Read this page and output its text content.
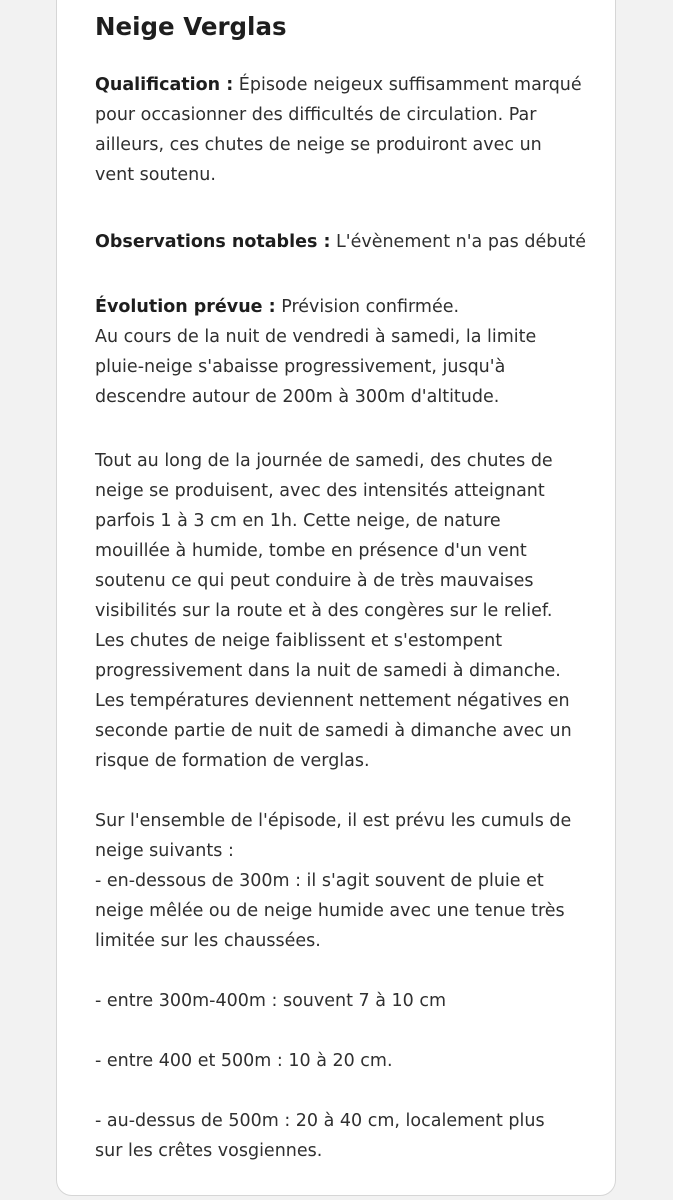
Neige Verglas

Qualification : Épisode neigeux suffisamment marqué
pour occasionner des difficultés de circulation. Par
ailleurs, ces chutes de neige se produiront avec un
vent soutenu.

Observations notables : L'évènement n'a pas débuté

Évolution prévue : Prévision confirmée.
Au cours de la nuit de vendredi à samedi, la limite
pluie-neige s'abaisse progressivement, jusqu'à
descendre autour de 200m à 300m d'altitude.

Tout au long de la journée de samedi, des chutes de
neige se produisent, avec des intensités atteignant
parfois 1 à 3 cm en 1h. Cette neige, de nature
mouillée à humide, tombe en présence d'un vent
soutenu ce qui peut conduire à de très mauvaises
visibilités sur la route et à des congères sur le relief.
Les chutes de neige faiblissent et s'estompent
progressivement dans la nuit de samedi à dimanche.
Les températures deviennent nettement négatives en
seconde partie de nuit de samedi à dimanche avec un
risque de formation de verglas.

Sur l'ensemble de l'épisode, il est prévu les cumuls de
neige suivants :
- en-dessous de 300m : il s'agit souvent de pluie et
neige mêlée ou de neige humide avec une tenue très
limitée sur les chaussées.

- entre 300m-400m : souvent 7 à 10 cm

- entre 400 et 500m : 10 à 20 cm.

- au-dessus de 500m : 20 à 40 cm, localement plus
sur les crêtes vosgiennes.
